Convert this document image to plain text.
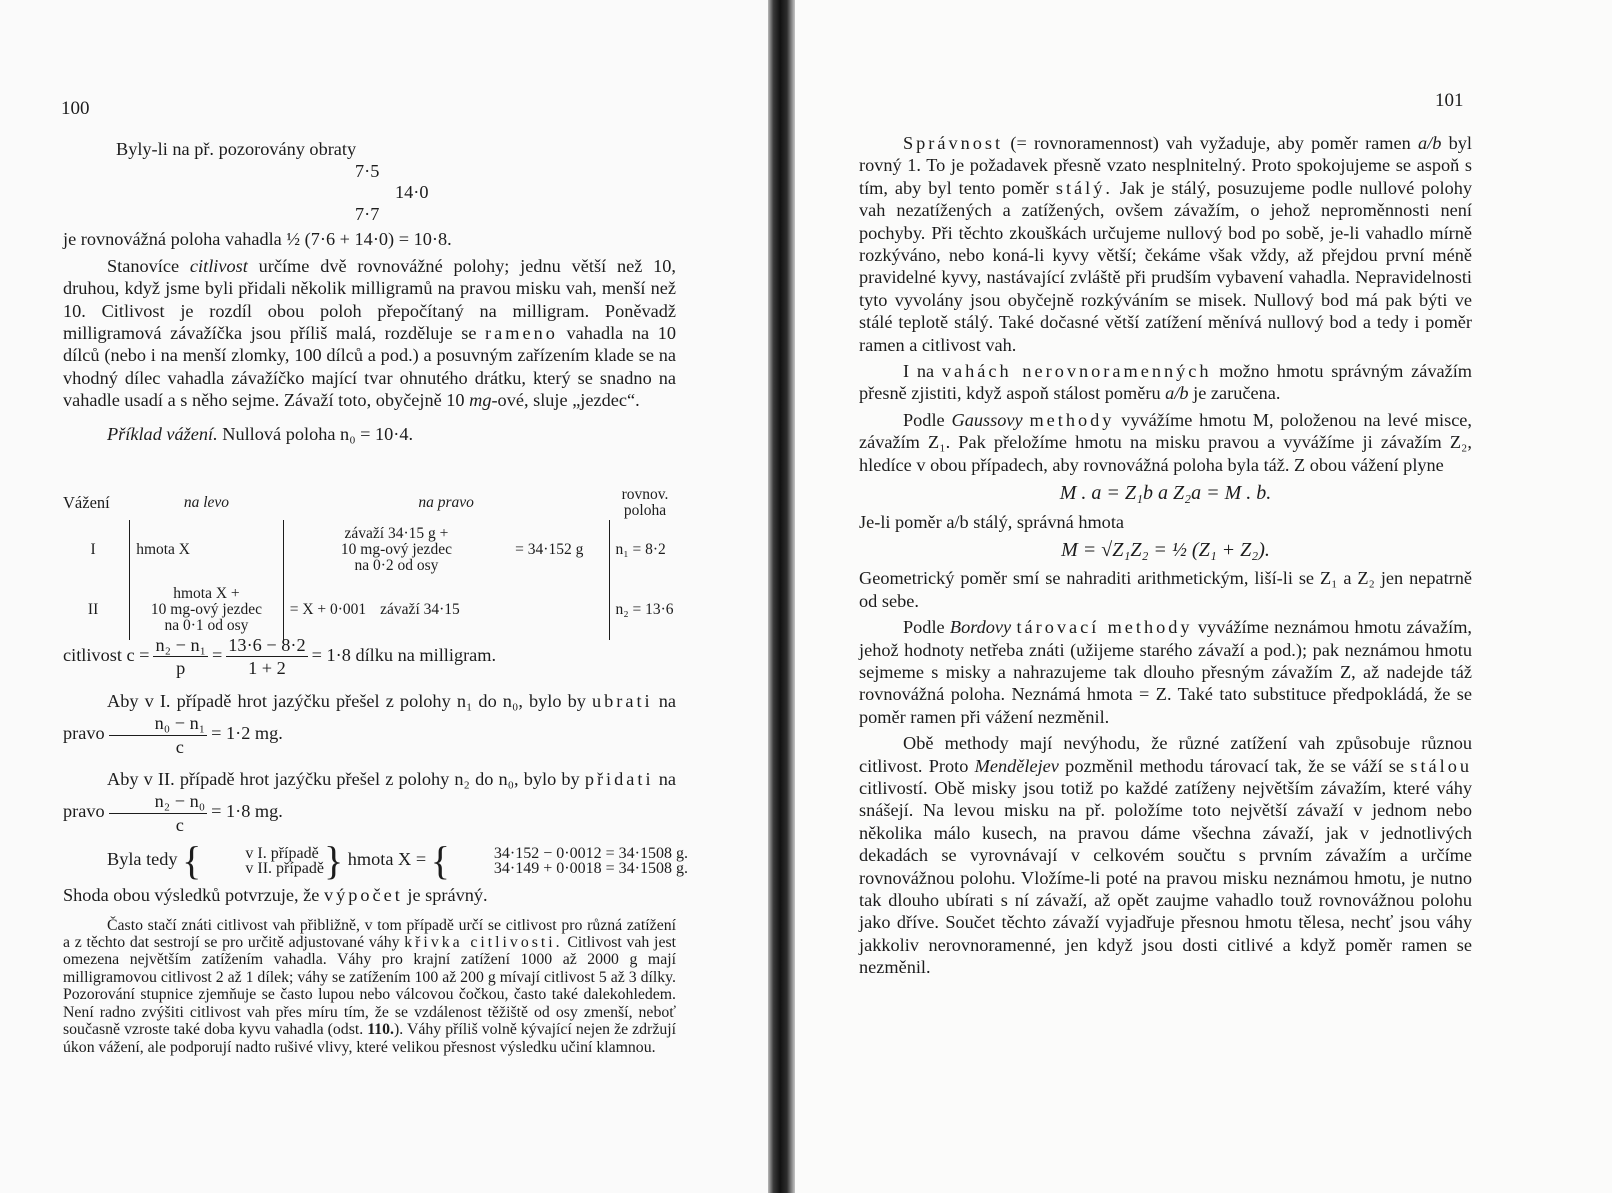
100

Byly-li na př. pozorovány obraty

7·5
14·0
7·7

je rovnovážná poloha vahadla ½ (7·6 + 14·0) = 10·8.

Stanovíce citlivost určíme dvě rovnovážné polohy; jednu větší než 10, druhou, když jsme byli přidali několik milligramů na pravou misku vah, menší než 10. Citlivost je rozdíl obou poloh přepočítaný na milligram. Poněvadž milligramová závažíčka jsou příliš malá, rozděluje se rameno vahadla na 10 dílců (nebo i na menší zlomky, 100 dílců a pod.) a posuvným zařízením klade se na vhodný dílec vahadla závažíčko mající tvar ohnutého drátku, který se snadno na vahadle usadí a s něho sejme. Závaží toto, obyčejně 10 mg-ové, sluje „jezdec“.

Příklad vážení. Nullová poloha n₀ = 10·4.

Vážení	na levo	na pravo		rovnov. poloha
I	hmota X	závaží 34·15 g +
10 mg-ový jezdec
na 0·2 od osy	= 34·152 g	n₁ = 8·2
II	hmota X +
10 mg-ový jezdec
na 0·1 od osy	= X + 0·001 závaží 34·15		n₂ = 13·6

citlivost $c = \frac{\text{n₂ − n₁}}{p} = \frac{13\cdot 6 - 8\cdot 2}{1 + 2} = 1\cdot 8$ dílku na milligram.

Aby v I. případě hrot jazýčku přešel z polohy n₁ do n₀, bylo by ubrati na pravo $\frac{\text{n₀ − n₁}}{c} = 1\cdot 2$ mg.

Aby v II. případě hrot jazýčku přešel z polohy n₂ do n₀, bylo by přidati na pravo $\frac{\text{n₂ − n₀}}{c} = 1\cdot 8$ mg.

Byla tedy {	v I. případě
v II. případě } hmota X = {	34·152 − 0·0012 = 34·1508 g.
34·149 + 0·0018 = 34·1508 g.

Shoda obou výsledků potvrzuje, že výpočet je správný.

Často stačí znáti citlivost vah přibližně, v tom případě určí se citlivost pro různá zatížení a z těchto dat sestrojí se pro určitě adjustované váhy křivka citlivosti. Citlivost vah jest omezena největším zatížením vahadla. Váhy pro krajní zatížení 1000 až 2000 g mají milligramovou citlivost 2 až 1 dílek; váhy se zatížením 100 až 200 g mívají citlivost 5 až 3 dílky. Pozorování stupnice zjemňuje se často lupou nebo válcovou čočkou, často také dalekohledem. Není radno zvýšiti citlivost vah přes míru tím, že se vzdálenost těžiště od osy zmenší, neboť současně vzroste také doba kyvu vahadla (odst. 110.). Váhy příliš volně kývající nejen že zdržují úkon vážení, ale podporují nadto rušivé vlivy, které velikou přesnost výsledku učiní klamnou.

101

Správnost (= rovnoramennost) vah vyžaduje, aby poměr ramen a/b byl rovný 1. To je požadavek přesně vzato nesplnitelný. Proto spokojujeme se aspoň s tím, aby byl tento poměr stálý. Jak je stálý, posuzujeme podle nullové polohy vah nezatížených a zatížených, ovšem závažím, o jehož neproměnnosti není pochyby. Při těchto zkouškách určujeme nullový bod po sobě, je-li vahadlo mírně rozkýváno, nebo koná-li kyvy větší; čekáme však vždy, až přejdou první méně pravidelné kyvy, nastávající zvláště při prudším vybavení vahadla. Nepravidelnosti tyto vyvolány jsou obyčejně rozkýváním se misek. Nullový bod má pak býti ve stálé teplotě stálý. Také dočasné větší zatížení měnívá nullový bod a tedy i poměr ramen a citlivost vah.

I na vahách nerovnoramenných možno hmotu správným závažím přesně zjistiti, když aspoň stálost poměru a/b je zaručena.

Podle Gaussovy methody vyvážíme hmotu M, položenou na levé misce, závažím Z₁. Pak přeložíme hmotu na misku pravou a vyvážíme ji závažím Z₂, hledíce v obou případech, aby rovnovážná poloha byla táž. Z obou vážení plyne

M . a = Z₁b a Z₂a = M . b.

Je-li poměr a/b stálý, správná hmota

M = √Z₁Z₂ = ½ (Z₁ + Z₂).

Geometrický poměr smí se nahraditi arithmetickým, liší-li se Z₁ a Z₂ jen nepatrně od sebe.

Podle Bordovy tárovací methody vyvážíme neznámou hmotu závažím, jehož hodnoty netřeba znáti (užijeme starého závaží a pod.); pak neznámou hmotu sejmeme s misky a nahrazujeme tak dlouho přesným závažím Z, až nadejde táž rovnovážná poloha. Neznámá hmota = Z. Také tato substituce předpokládá, že se poměr ramen při vážení nezměnil.

Obě methody mají nevýhodu, že různé zatížení vah způsobuje různou citlivost. Proto Mendělejev pozměnil methodu tárovací tak, že se váží se stálou citlivostí. Obě misky jsou totiž po každé zatíženy největším závažím, které váhy snášejí. Na levou misku na př. položíme toto největší závaží v jednom nebo několika málo kusech, na pravou dáme všechna závaží, jak v jednotlivých dekadách se vyrovnávají v celkovém součtu s prvním závažím a určíme rovnovážnou polohu. Vložíme-li poté na pravou misku neznámou hmotu, je nutno tak dlouho ubírati s ní závaží, až opět zaujme vahadlo touž rovnovážnou polohu jako dříve. Součet těchto závaží vyjadřuje přesnou hmotu tělesa, nechť jsou váhy jakkoliv nerovnoramenné, jen když jsou dosti citlivé a když poměr ramen se nezměnil.
